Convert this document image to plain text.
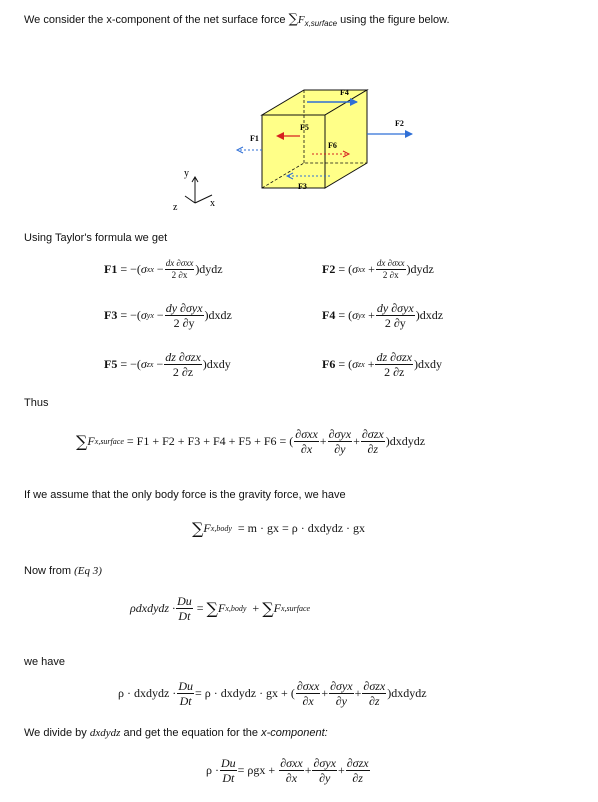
We consider the x-component of the net surface force $\sum F_{x,surface}$ using the figure below.
y
x
z
F1
F2
F4
F5
F6
F3
Using Taylor's formula we get
F1
= −( σ xx
− $\frac{\text{dx ∂σxx}}{2 \partial x}$ )dydz	F2
= ( σ xx
+ $\frac{\text{dx ∂σxx}}{2 \partial x}$ )dydz
F3
= −( σ yx
− $\frac{\text{dy ∂σyx}}{2 \partial y}$ )dxdz	F4
= ( σ yx
+ $\frac{\text{dy ∂σyx}}{2 \partial y}$ )dxdz
F5
= −( σ zx
− $\frac{\text{dz ∂σzx}}{2 \partial z}$ )dxdy	F6
= ( σ zx
+ $\frac{\text{dz ∂σzx}}{2 \partial z}$ )dxdy
Thus
∑ F x,surface
= F1 + F2 + F3 + F4 + F5 + F6 = ( $\frac{\text{∂σxx}}{\partial x} + \frac{\text{∂σyx}}{\partial y} + \frac{\text{∂σzx}}{\partial z}$ )dxdydz
If we assume that the only body force is the gravity force, we have
∑ F x,body
= m · gx = ρ · dxdydz · gx
Now from (Eq 3)
ρdxdydz · $\frac{Du}{Dt}$
=
∑ F x,body
+
∑ F x,surface
we have
ρ · dxdydz · $\frac{Du}{Dt} = \rho$ · dxdydz · gx + ( $\frac{\text{∂σxx}}{\partial x} + \frac{\text{∂σyx}}{\partial y} + \frac{\text{∂σzx}}{\partial z}$ )dxdydz
We divide by dxdydz and get the equation for the x-component:
$\rho \cdot \frac{Du}{Dt} = \rho gx$ +
$\frac{\text{∂σxx}}{\partial x} + \frac{\text{∂σyx}}{\partial y} + \frac{\text{∂σzx}}{\partial z}$
